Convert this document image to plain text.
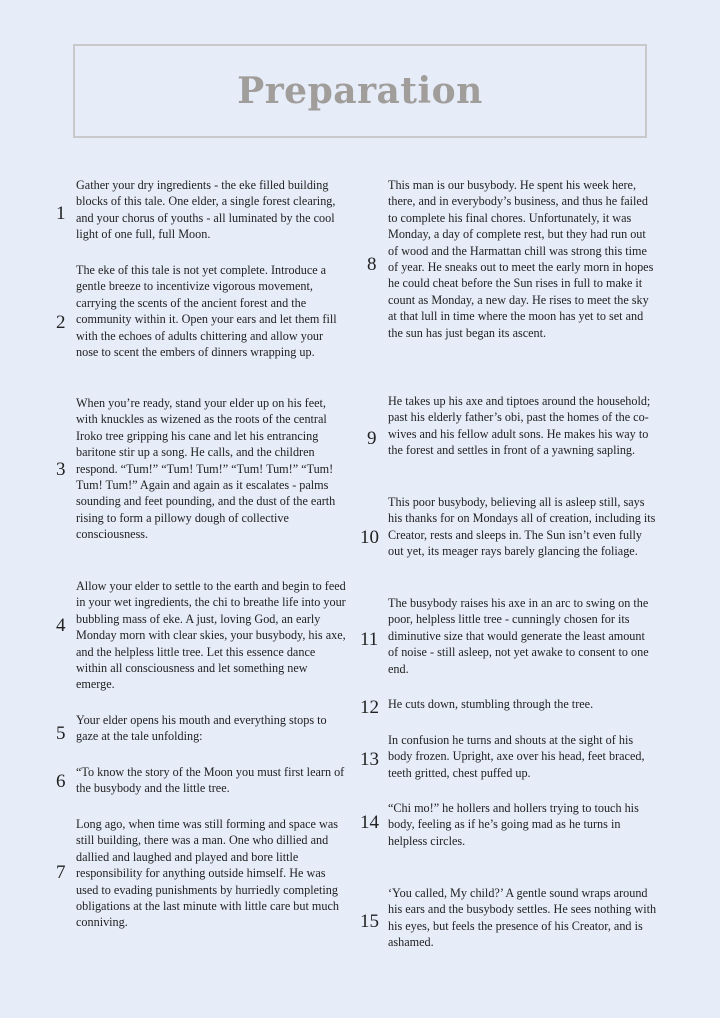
Preparation
1
Gather your dry ingredients - the eke filled building blocks of this tale. One elder, a single forest clearing, and your chorus of youths - all luminated by the cool light of one full, full Moon.
2
The eke of this tale is not yet complete. Introduce a gentle breeze to incentivize vigorous movement, carrying the scents of the ancient forest and the community within it. Open your ears and let them fill with the echoes of adults chittering and allow your nose to scent the embers of dinners wrapping up.
3
When you’re ready, stand your elder up on his feet, with knuckles as wizened as the roots of the central Iroko tree gripping his cane and let his entrancing baritone stir up a song. He calls, and the children respond. “Tum!” “Tum! Tum!” “Tum! Tum!” “Tum! Tum! Tum!” Again and again as it escalates - palms sounding and feet pounding, and the dust of the earth rising to form a pillowy dough of collective consciousness.
4
Allow your elder to settle to the earth and begin to feed in your wet ingredients, the chi to breathe life into your bubbling mass of eke. A just, loving God, an early Monday morn with clear skies, your busybody, his axe, and the helpless little tree. Let this essence dance within all consciousness and let something new emerge.
5
Your elder opens his mouth and everything stops to gaze at the tale unfolding:
6 “To know the story of the Moon you must first learn of the busybody and the little tree.
7
Long ago, when time was still forming and space was still building, there was a man. One who dillied and dallied and laughed and played and bore little responsibility for anything outside himself. He was used to evading punishments by hurriedly completing obligations at the last minute with little care but much conniving.
8
This man is our busybody. He spent his week here, there, and in everybody’s business, and thus he failed to complete his final chores. Unfortunately, it was Monday, a day of complete rest, but they had run out of wood and the Harmattan chill was strong this time of year. He sneaks out to meet the early morn in hopes he could cheat before the Sun rises in full to make it count as Monday, a new day. He rises to meet the sky at that lull in time where the moon has yet to set and the sun has just began its ascent.
9
He takes up his axe and tiptoes around the household; past his elderly father’s obi, past the homes of the co-wives and his fellow adult sons. He makes his way to the forest and settles in front of a yawning sapling.
10
This poor busybody, believing all is asleep still, says his thanks for on Mondays all of creation, including its Creator, rests and sleeps in. The Sun isn’t even fully out yet, its meager rays barely glancing the foliage.
11
The busybody raises his axe in an arc to swing on the poor, helpless little tree - cunningly chosen for its diminutive size that would generate the least amount of noise - still asleep, not yet awake to consent to one end.
12 He cuts down, stumbling through the tree.
13
In confusion he turns and shouts at the sight of his body frozen. Upright, axe over his head, feet braced, teeth gritted, chest puffed up.
14
“Chi mo!” he hollers and hollers trying to touch his body, feeling as if he’s going mad as he turns in helpless circles.
15
‘You called, My child?’ A gentle sound wraps around his ears and the busybody settles. He sees nothing with his eyes, but feels the presence of his Creator, and is ashamed.
